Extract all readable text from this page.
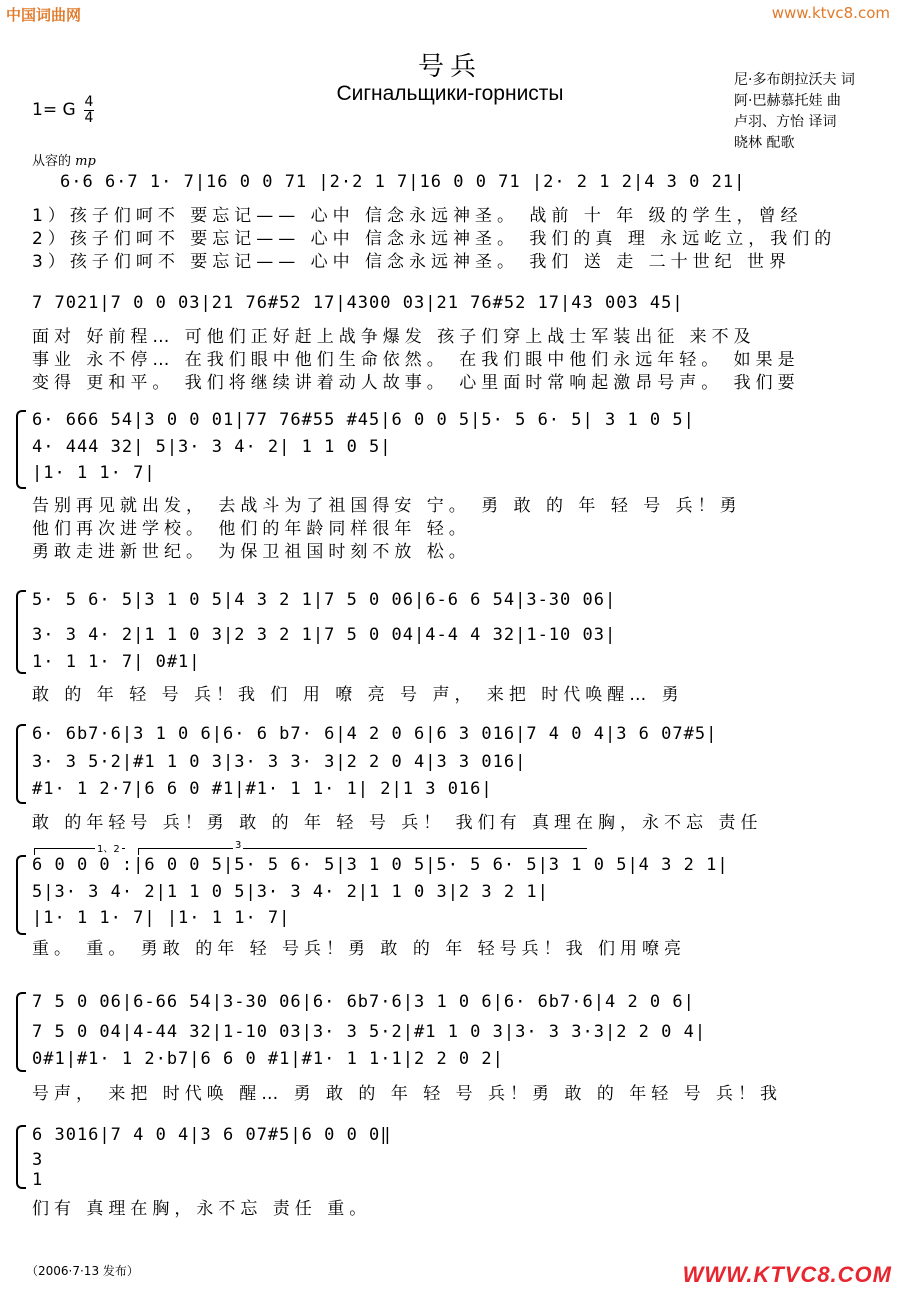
中国词曲网	www.ktvc8.com
号兵
Сигнальщики-горнисты
1= G 4
4
尼·多布朗拉沃夫 词
阿·巴赫慕托娃 曲
卢羽、方怡 译词
晓林 配歌
从容的 mp
6·6 6·7 1· 7|16 0 0 71 |2·2 1 7|16 0 0 71 |2· 2 1 2|4 3 0 21|
1）孩子们呵不 要忘记—— 心中 信念永远神圣。 战前 十 年 级的学生，曾经
2）孩子们呵不 要忘记—— 心中 信念永远神圣。 我们的真 理 永远屹立，我们的
3）孩子们呵不 要忘记—— 心中 信念永远神圣。 我们 送 走 二十世纪 世界
7 7021|7 0 0 03|21 76#52 17|4300 03|21 76#52 17|43 003 45|
面对 好前程… 可他们正好赶上战争爆发 孩子们穿上战士军装出征 来不及
事业 永不停… 在我们眼中他们生命依然。 在我们眼中他们永远年轻。 如果是
变得 更和平。 我们将继续讲着动人故事。 心里面时常响起激昂号声。 我们要
6· 666 54|3 0 0 01|77 76#55 #45|6 0 0 5|5· 5 6· 5| 3 1 0 5|
4· 444 32| 5|3· 3 4· 2| 1 1 0 5|
|1· 1 1· 7|
告别再见就出发， 去战斗为了祖国得安 宁。 勇 敢 的 年 轻 号 兵！勇
他们再次进学校。 他们的年龄同样很年 轻。
勇敢走进新世纪。 为保卫祖国时刻不放 松。
5· 5 6· 5|3 1 0 5|4 3 2 1|7 5 0 06|6-6 6 54|3-30 06|
3· 3 4· 2|1 1 0 3|2 3 2 1|7 5 0 04|4-4 4 32|1-10 03|
1· 1 1· 7| 0#1|
敢 的 年 轻 号 兵！我 们 用 嘹 亮 号 声， 来把 时代唤醒… 勇
6· 6b7·6|3 1 0 6|6· 6 b7· 6|4 2 0 6|6 3 016|7 4 0 4|3 6 07#5|
3· 3 5·2|#1 1 0 3|3· 3 3· 3|2 2 0 4|3 3 016|
#1· 1 2·7|6 6 0 #1|#1· 1 1· 1| 2|1 3 016|
敢 的年轻号 兵！勇 敢 的 年 轻 号 兵！ 我们有 真理在胸，永不忘 责任
1、2	3
6 0 0 0 :|6 0 0 5|5· 5 6· 5|3 1 0 5|5· 5 6· 5|3 1 0 5|4 3 2 1|
5|3· 3 4· 2|1 1 0 5|3· 3 4· 2|1 1 0 3|2 3 2 1|
|1· 1 1· 7| |1· 1 1· 7|
重。 重。 勇敢 的年 轻 号兵！勇 敢 的 年 轻号兵！我 们用嘹亮
7 5 0 06|6-66 54|3-30 06|6· 6b7·6|3 1 0 6|6· 6b7·6|4 2 0 6|
7 5 0 04|4-44 32|1-10 03|3· 3 5·2|#1 1 0 3|3· 3 3·3|2 2 0 4|
0#1|#1· 1 2·b7|6 6 0 #1|#1· 1 1·1|2 2 0 2|
号声， 来把 时代唤 醒… 勇 敢 的 年 轻 号 兵！勇 敢 的 年轻 号 兵！我
6 3016|7 4 0 4|3 6 07#5|6 0 0 0‖
3
1
们有 真理在胸，永不忘 责任 重。
（2006·7·13 发布）	WWW.KTVC8.COM
